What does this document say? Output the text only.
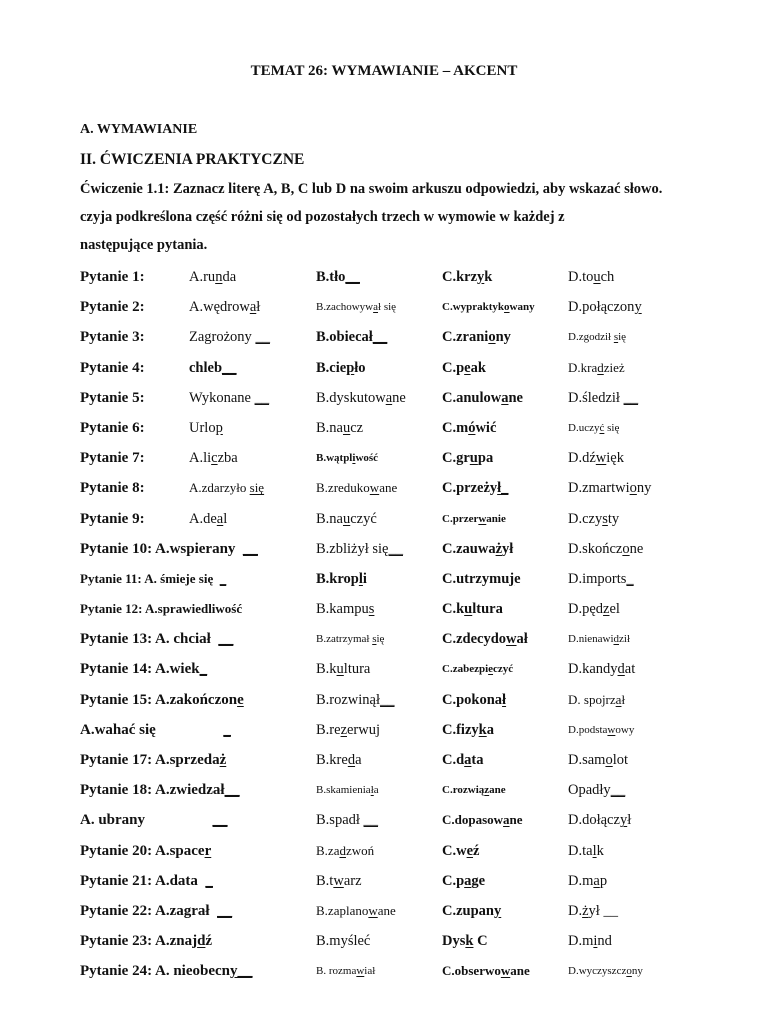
TEMAT 26: WYMAWIANIE – AKCENT
A. WYMAWIANIE
II. ĆWICZENIA PRAKTYCZNE
Ćwiczenie 1.1: Zaznacz literę A, B, C lub D na swoim arkuszu odpowiedzi, aby wskazać słowo.
czyja podkreślona część różni się od pozostałych trzech w wymowie w każdej z
następujące pytania.
Pytanie 1:	A.runda	B.tło__	C.krzyk	D.touch
Pytanie 2:	A.wędrował	B.zachowywał się	C.wypraktykowany D.połączony
Pytanie 3:	Zagrożony __	B.obiecał__	C.zraniony	D.zgodził się
Pytanie 4:	chleb__	B.ciepło	C.peak	D.kradzież
Pytanie 5:	Wykonane __	B.dyskutowane C.anulowane	D.śledził __
Pytanie 6:	Urlop	B.naucz	C.mówić	D.uczyć się
Pytanie 7:	A.liczba	B.wątpliwość	C.grupa	D.dźwięk
Pytanie 8:	A.zdarzyło się	B.zredukowane	C.przeżył_	D.zmartwiony
Pytanie 9:	A.deal	B.nauczyć	C.przerwanie	D.czysty
Pytanie 10: A.wspierany  __	B.zbliżył się__	C.zauważył	D.skończone
Pytanie 11: A. śmieje się  _	B.kropli	C.utrzymuje	D.imports_
Pytanie 12: A.sprawiedliwość	B.kampus	C.kultura	D.pędzel
Pytanie 13: A. chciał  __	B.zatrzymał się	C.zdecydował	D.nienawidził
Pytanie 14: A.wiek_	B.kultura	C.zabezpieczyć	D.kandydat
Pytanie 15: A.zakończone	B.rozwinął__	C.pokonał	D. spojrzał
A.wahać się	_	B.rezerwuj	C.fizyka	D.podstawowy
Pytanie 17: A.sprzedaż	B.kreda	C.data	D.samolot
Pytanie 18: A.zwiedzał__	B.skamieniała	C.rozwiązane	Opadły__
A. ubrany	__	B.spadł __	C.dopasowane	D.dołączył
Pytanie 20: A.spacer	B.zadzwoń	C.weź	D.talk
Pytanie 21: A.data  _	B.twarz	C.page	D.map
Pytanie 22: A.zagrał  __	B.zaplanowane	C.zupany	D.żył __
Pytanie 23: A.znajdź	B.myśleć	Dysk C	D.mind
Pytanie 24: A. nieobecny__	B. rozmawiał	C.obserwowane	D.wyczyszczony
